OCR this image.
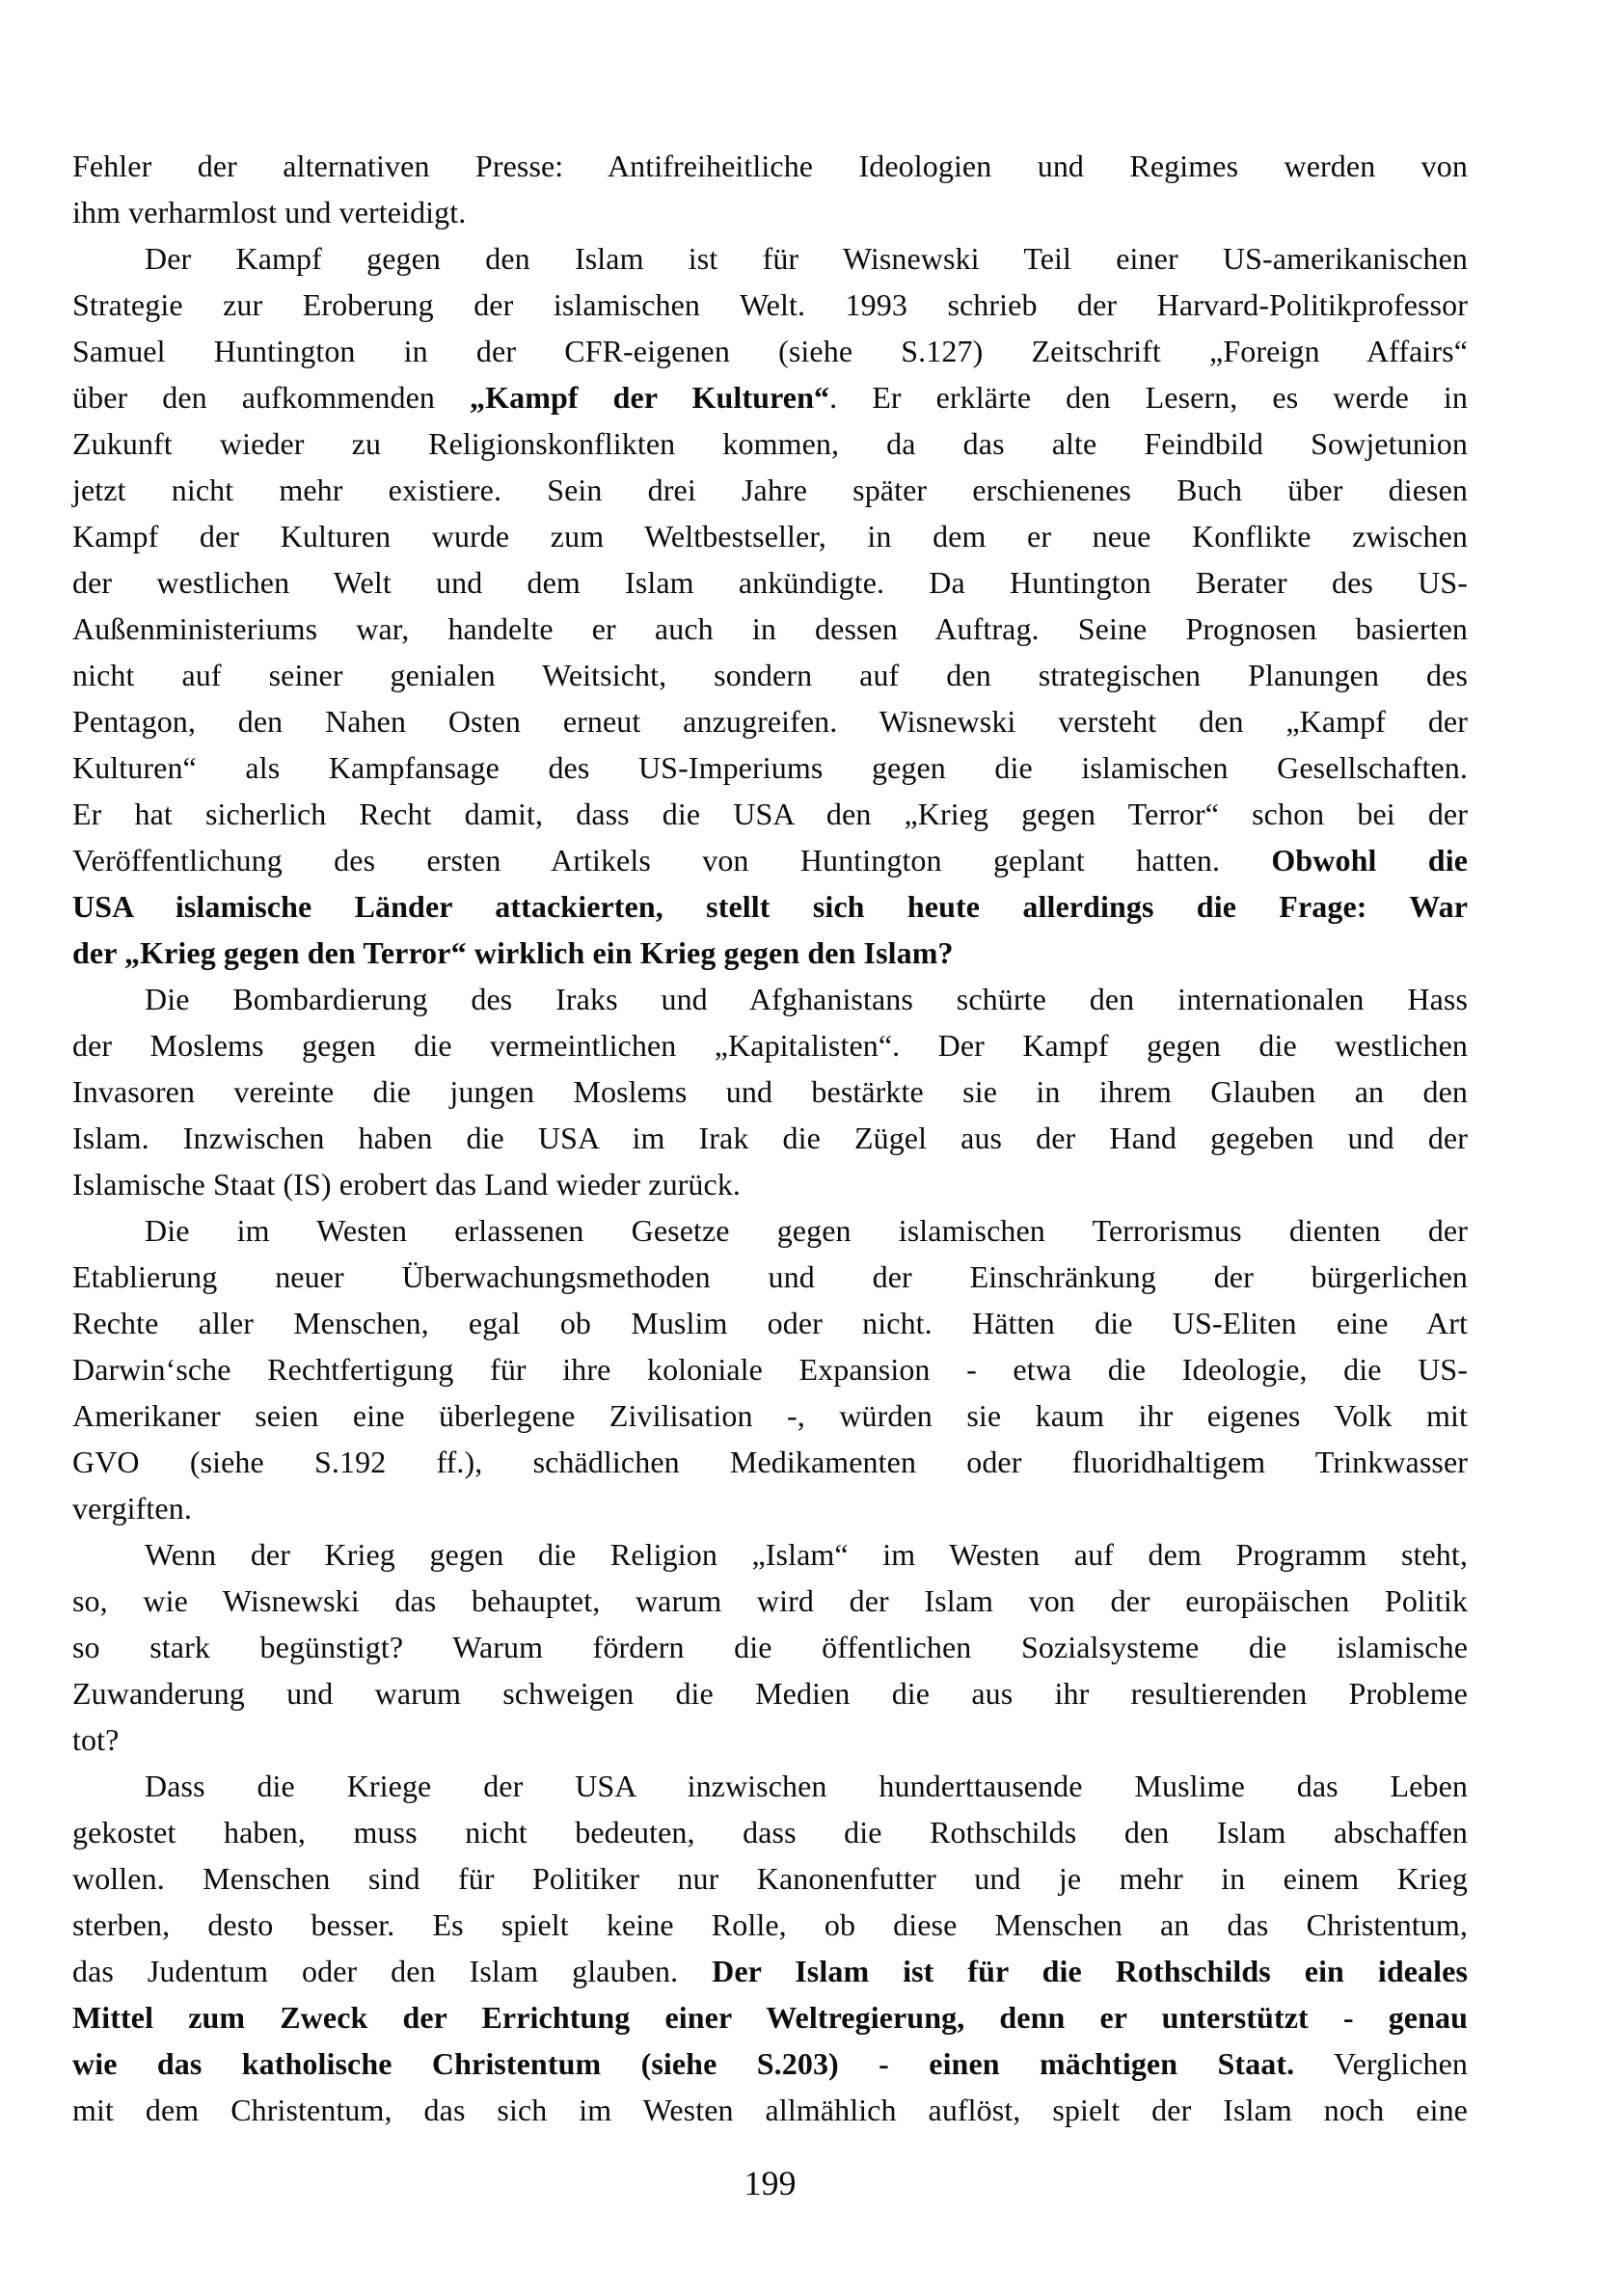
Fehler der alternativen Presse: Antifreiheitliche Ideologien und Regimes werden von
ihm verharmlost und verteidigt.
Der Kampf gegen den Islam ist für Wisnewski Teil einer US-amerikanischen
Strategie zur Eroberung der islamischen Welt. 1993 schrieb der Harvard-Politikprofessor
Samuel Huntington in der CFR-eigenen (siehe S.127) Zeitschrift „Foreign Affairs“
über den aufkommenden „Kampf der Kulturen“. Er erklärte den Lesern, es werde in
Zukunft wieder zu Religionskonflikten kommen, da das alte Feindbild Sowjetunion
jetzt nicht mehr existiere. Sein drei Jahre später erschienenes Buch über diesen
Kampf der Kulturen wurde zum Weltbestseller, in dem er neue Konflikte zwischen
der westlichen Welt und dem Islam ankündigte. Da Huntington Berater des US-
Außenministeriums war, handelte er auch in dessen Auftrag. Seine Prognosen basierten
nicht auf seiner genialen Weitsicht, sondern auf den strategischen Planungen des
Pentagon, den Nahen Osten erneut anzugreifen. Wisnewski versteht den „Kampf der
Kulturen“ als Kampfansage des US-Imperiums gegen die islamischen Gesellschaften.
Er hat sicherlich Recht damit, dass die USA den „Krieg gegen Terror“ schon bei der
Veröffentlichung des ersten Artikels von Huntington geplant hatten. Obwohl die
USA islamische Länder attackierten, stellt sich heute allerdings die Frage: War
der „Krieg gegen den Terror“ wirklich ein Krieg gegen den Islam?
Die Bombardierung des Iraks und Afghanistans schürte den internationalen Hass
der Moslems gegen die vermeintlichen „Kapitalisten“. Der Kampf gegen die westlichen
Invasoren vereinte die jungen Moslems und bestärkte sie in ihrem Glauben an den
Islam. Inzwischen haben die USA im Irak die Zügel aus der Hand gegeben und der
Islamische Staat (IS) erobert das Land wieder zurück.
Die im Westen erlassenen Gesetze gegen islamischen Terrorismus dienten der
Etablierung neuer Überwachungsmethoden und der Einschränkung der bürgerlichen
Rechte aller Menschen, egal ob Muslim oder nicht. Hätten die US-Eliten eine Art
Darwin‘sche Rechtfertigung für ihre koloniale Expansion - etwa die Ideologie, die US-
Amerikaner seien eine überlegene Zivilisation -, würden sie kaum ihr eigenes Volk mit
GVO (siehe S.192 ff.), schädlichen Medikamenten oder fluoridhaltigem Trinkwasser
vergiften.
Wenn der Krieg gegen die Religion „Islam“ im Westen auf dem Programm steht,
so, wie Wisnewski das behauptet, warum wird der Islam von der europäischen Politik
so stark begünstigt? Warum fördern die öffentlichen Sozialsysteme die islamische
Zuwanderung und warum schweigen die Medien die aus ihr resultierenden Probleme
tot?
Dass die Kriege der USA inzwischen hunderttausende Muslime das Leben
gekostet haben, muss nicht bedeuten, dass die Rothschilds den Islam abschaffen
wollen. Menschen sind für Politiker nur Kanonenfutter und je mehr in einem Krieg
sterben, desto besser. Es spielt keine Rolle, ob diese Menschen an das Christentum,
das Judentum oder den Islam glauben. Der Islam ist für die Rothschilds ein ideales
Mittel zum Zweck der Errichtung einer Weltregierung, denn er unterstützt - genau
wie das katholische Christentum (siehe S.203) - einen mächtigen Staat. Verglichen
mit dem Christentum, das sich im Westen allmählich auflöst, spielt der Islam noch eine
199
